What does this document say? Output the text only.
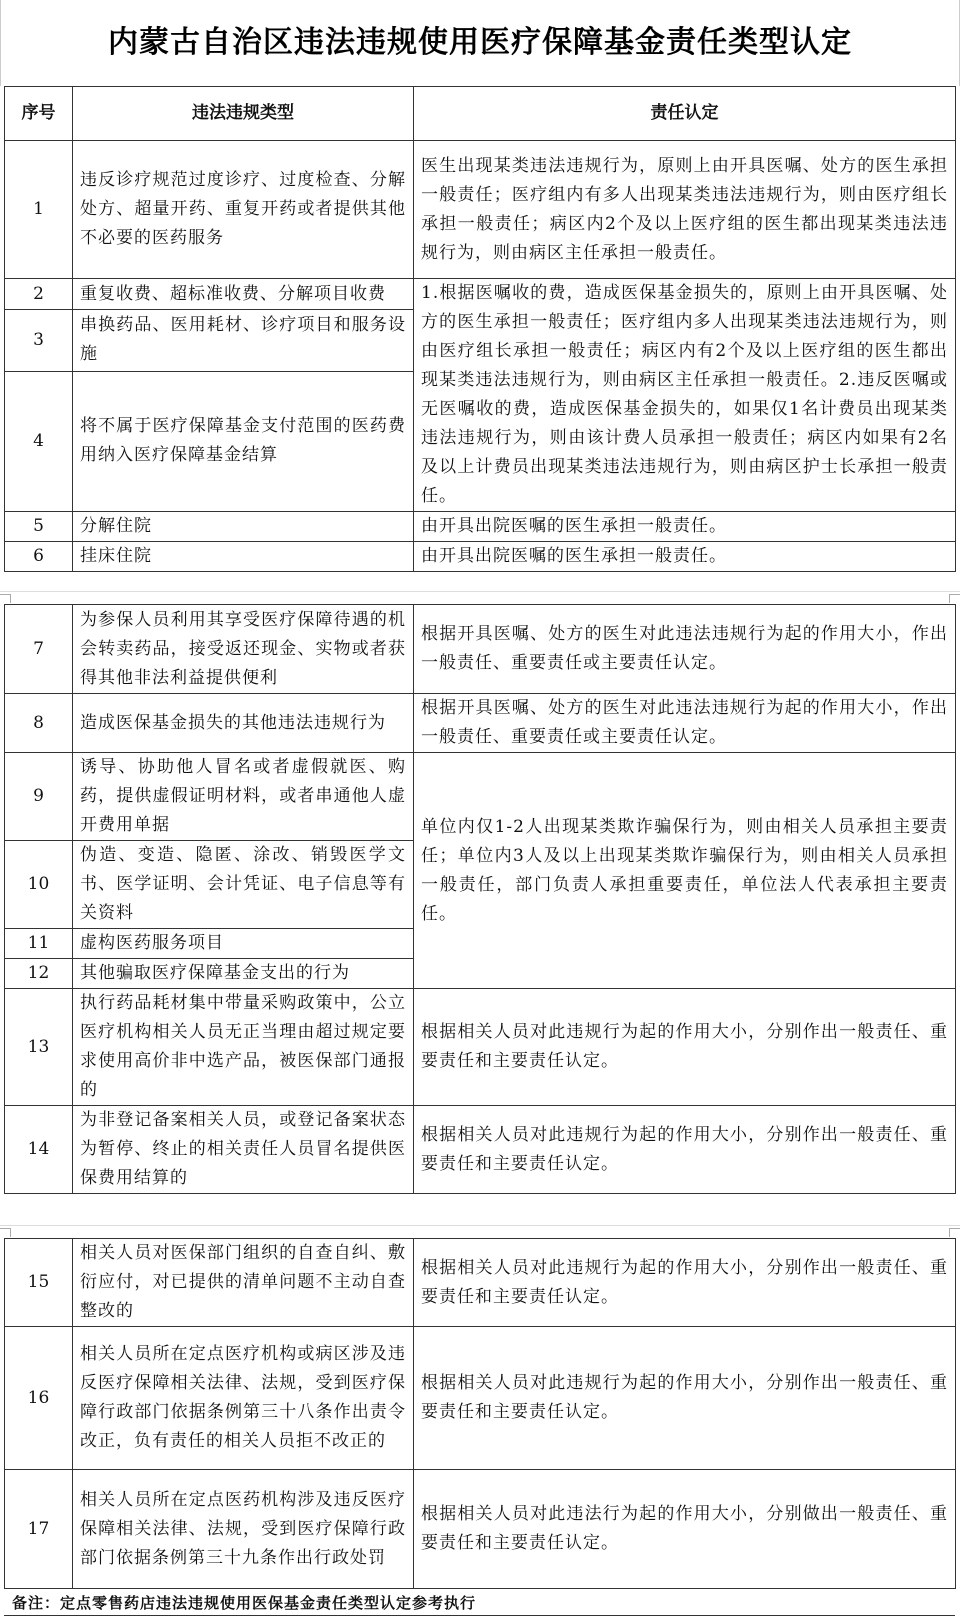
内蒙古自治区违法违规使用医疗保障基金责任类型认定
序号	违法违规类型	责任认定
1	违反诊疗规范过度诊疗、过度检查、分解处方、超量开药、重复开药或者提供其他不必要的医药服务	医生出现某类违法违规行为，原则上由开具医嘱、处方的医生承担一般责任；医疗组内有多人出现某类违法违规行为，则由医疗组长承担一般责任；病区内2个及以上医疗组的医生都出现某类违法违规行为，则由病区主任承担一般责任。
2	重复收费、超标准收费、分解项目收费	1.根据医嘱收的费，造成医保基金损失的，原则上由开具医嘱、处方的医生承担一般责任；医疗组内多人出现某类违法违规行为，则由医疗组长承担一般责任；病区内有2个及以上医疗组的医生都出现某类违法违规行为，则由病区主任承担一般责任。2.违反医嘱或无医嘱收的费，造成医保基金损失的，如果仅1名计费员出现某类违法违规行为，则由该计费人员承担一般责任；病区内如果有2名及以上计费员出现某类违法违规行为，则由病区护士长承担一般责任。
3	串换药品、医用耗材、诊疗项目和服务设施	
4	将不属于医疗保障基金支付范围的医药费用纳入医疗保障基金结算	
5	分解住院	由开具出院医嘱的医生承担一般责任。
6	挂床住院	由开具出院医嘱的医生承担一般责任。
7	为参保人员利用其享受医疗保障待遇的机会转卖药品，接受返还现金、实物或者获得其他非法利益提供便利	根据开具医嘱、处方的医生对此违法违规行为起的作用大小，作出一般责任、重要责任或主要责任认定。
8	造成医保基金损失的其他违法违规行为	根据开具医嘱、处方的医生对此违法违规行为起的作用大小，作出一般责任、重要责任或主要责任认定。
9	诱导、协助他人冒名或者虚假就医、购药，提供虚假证明材料，或者串通他人虚开费用单据	单位内仅1-2人出现某类欺诈骗保行为，则由相关人员承担主要责任；单位内3人及以上出现某类欺诈骗保行为，则由相关人员承担一般责任，部门负责人承担重要责任，单位法人代表承担主要责任。
10	伪造、变造、隐匿、涂改、销毁医学文书、医学证明、会计凭证、电子信息等有关资料	
11	虚构医药服务项目	
12	其他骗取医疗保障基金支出的行为	
13	执行药品耗材集中带量采购政策中，公立医疗机构相关人员无正当理由超过规定要求使用高价非中选产品，被医保部门通报的	根据相关人员对此违规行为起的作用大小，分别作出一般责任、重要责任和主要责任认定。
14	为非登记备案相关人员，或登记备案状态为暂停、终止的相关责任人员冒名提供医保费用结算的	根据相关人员对此违规行为起的作用大小，分别作出一般责任、重要责任和主要责任认定。
15	相关人员对医保部门组织的自查自纠、敷衍应付，对已提供的清单问题不主动自查整改的	根据相关人员对此违规行为起的作用大小，分别作出一般责任、重要责任和主要责任认定。
16	相关人员所在定点医疗机构或病区涉及违反医疗保障相关法律、法规，受到医疗保障行政部门依据条例第三十八条作出责令改正，负有责任的相关人员拒不改正的	根据相关人员对此违规行为起的作用大小，分别作出一般责任、重要责任和主要责任认定。
17	相关人员所在定点医药机构涉及违反医疗保障相关法律、法规，受到医疗保障行政部门依据条例第三十九条作出行政处罚	根据相关人员对此违法行为起的作用大小，分别做出一般责任、重要责任和主要责任认定。
备注：定点零售药店违法违规使用医保基金责任类型认定参考执行
